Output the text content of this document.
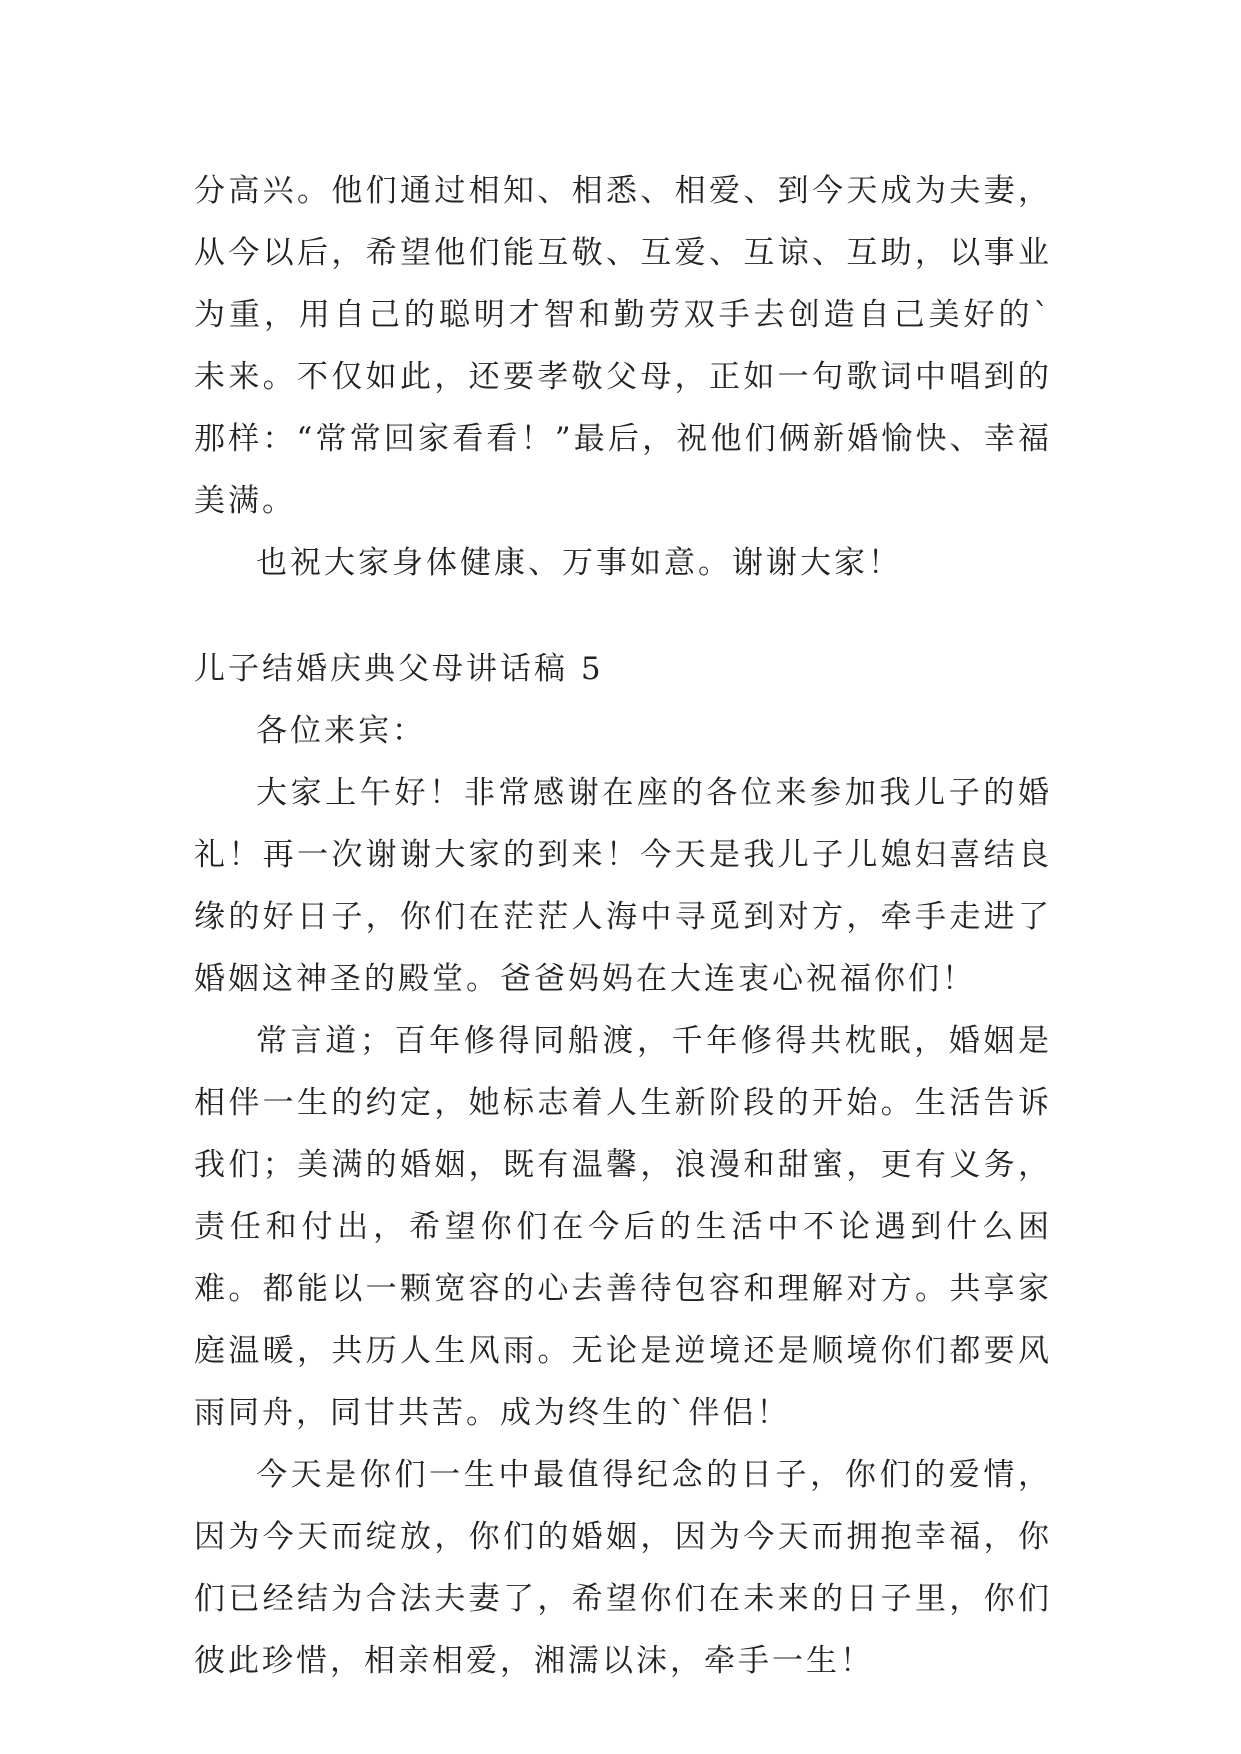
分高兴。他们通过相知、相悉、相爱、到今天成为夫妻，从今以后，希望他们能互敬、互爱、互谅、互助，以事业为重，用自己的聪明才智和勤劳双手去创造自己美好的`未来。不仅如此，还要孝敬父母，正如一句歌词中唱到的那样：“常常回家看看！”最后，祝他们俩新婚愉快、幸福美满。

也祝大家身体健康、万事如意。谢谢大家！

儿子结婚庆典父母讲话稿 5

各位来宾：

大家上午好！非常感谢在座的各位来参加我儿子的婚礼！再一次谢谢大家的到来！今天是我儿子儿媳妇喜结良缘的好日子，你们在茫茫人海中寻觅到对方，牵手走进了婚姻这神圣的殿堂。爸爸妈妈在大连衷心祝福你们！

常言道；百年修得同船渡，千年修得共枕眠，婚姻是相伴一生的约定，她标志着人生新阶段的开始。生活告诉我们；美满的婚姻，既有温馨，浪漫和甜蜜，更有义务，责任和付出，希望你们在今后的生活中不论遇到什么困难。都能以一颗宽容的心去善待包容和理解对方。共享家庭温暖，共历人生风雨。无论是逆境还是顺境你们都要风雨同舟，同甘共苦。成为终生的`伴侣！

今天是你们一生中最值得纪念的日子，你们的爱情，因为今天而绽放，你们的婚姻，因为今天而拥抱幸福，你们已经结为合法夫妻了，希望你们在未来的日子里，你们彼此珍惜，相亲相爱，湘濡以沫，牵手一生！
